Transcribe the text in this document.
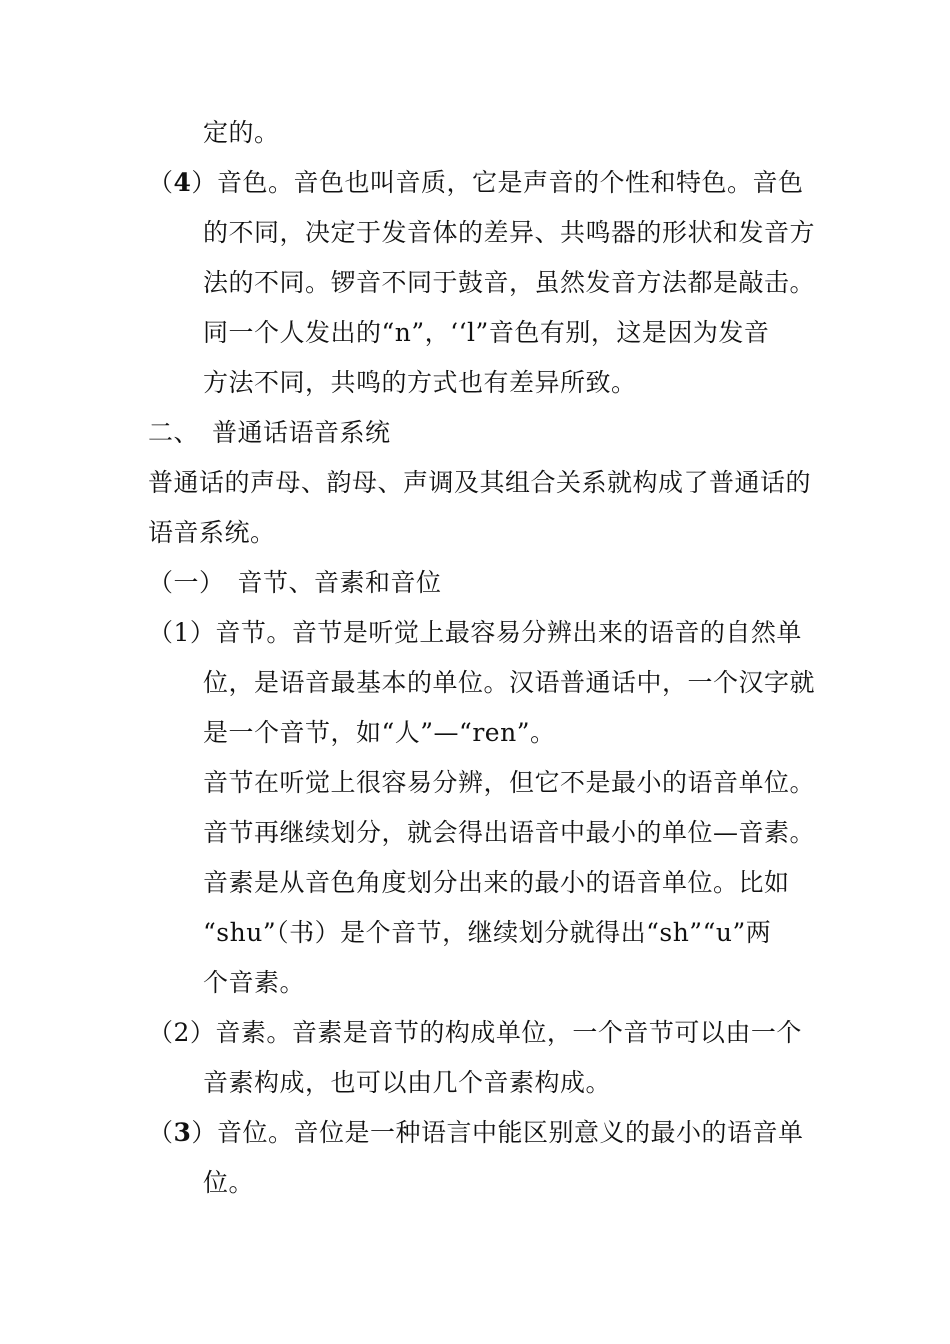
定的。
（4）音色。音色也叫音质，它是声音的个性和特色。音色
的不同，决定于发音体的差异、共鸣器的形状和发音方
法的不同。锣音不同于鼓音，虽然发音方法都是敲击。
同一个人发出的“n”，‘‘l”音色有别，这是因为发音
方法不同，共鸣的方式也有差异所致。
二、　普通话语音系统
普通话的声母、韵母、声调及其组合关系就构成了普通话的
语音系统。
（一）　音节、音素和音位
（1）音节。音节是听觉上最容易分辨出来的语音的自然单
位，是语音最基本的单位。汉语普通话中，一个汉字就
是一个音节，如“人”—“ren”。
音节在听觉上很容易分辨，但它不是最小的语音单位。
音节再继续划分，就会得出语音中最小的单位—音素。
音素是从音色角度划分出来的最小的语音单位。比如
“shu”（书）是个音节，继续划分就得出“sh”“u”两
个音素。
（2）音素。音素是音节的构成单位，一个音节可以由一个
音素构成，也可以由几个音素构成。
（3）音位。音位是一种语言中能区别意义的最小的语音单
位。
